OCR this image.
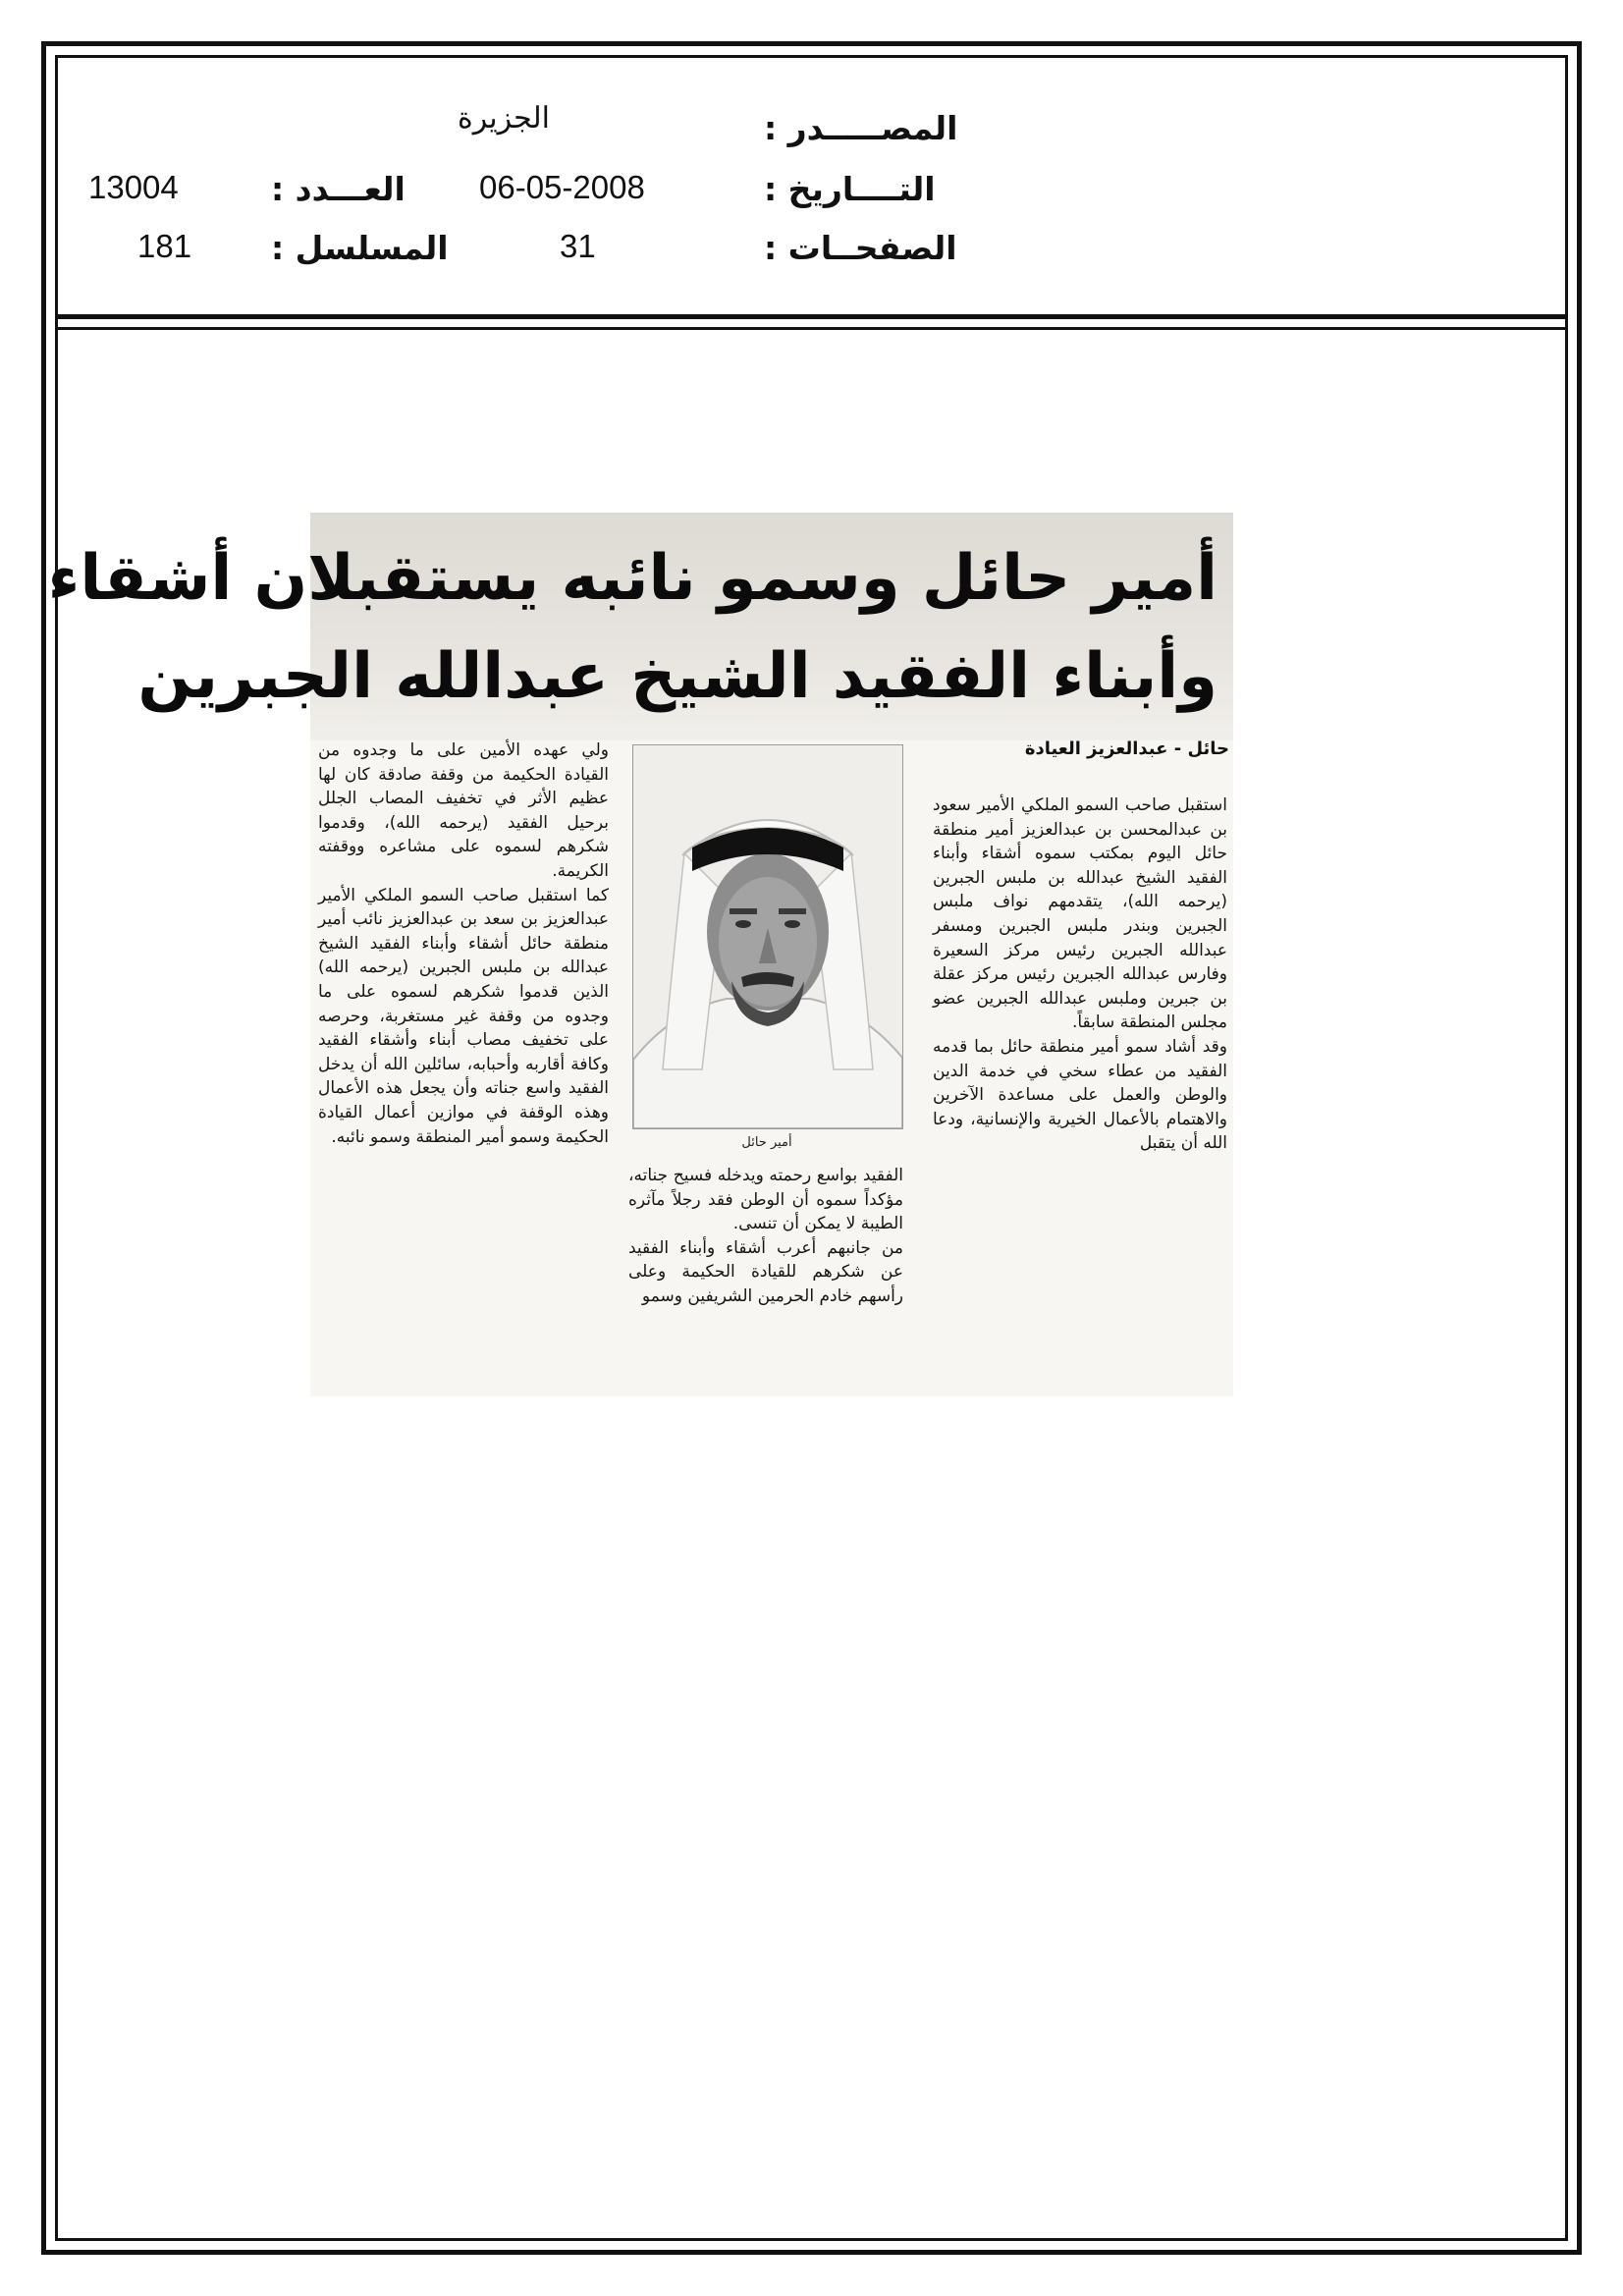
المصـــــدر :
الجزيرة
التــــاريخ :
06-05-2008
العـــدد :
13004
الصفحــات :
31
المسلسل :
181
أمير حائل وسمو نائبه يستقبلان أشقاء
وأبناء الفقيد الشيخ عبدالله الجبرين
حائل - عبدالعزيز العيادة

استقبل صاحب السمو الملكي الأمير سعود بن عبدالمحسن بن عبدالعزيز أمير منطقة حائل اليوم بمكتب سموه أشقاء وأبناء الفقيد الشيخ عبدالله بن ملبس الجبرين (يرحمه الله)، يتقدمهم نواف ملبس الجبرين وبندر ملبس الجبرين ومسفر عبدالله الجبرين رئيس مركز السعيرة وفارس عبدالله الجبرين رئيس مركز عقلة بن جبرين وملبس عبدالله الجبرين عضو مجلس المنطقة سابقاً.

وقد أشاد سمو أمير منطقة حائل بما قدمه الفقيد من عطاء سخي في خدمة الدين والوطن والعمل على مساعدة الآخرين والاهتمام بالأعمال الخيرية والإنسانية، ودعا الله أن يتقبل

أمير حائل

الفقيد بواسع رحمته ويدخله فسيح جناته، مؤكداً سموه أن الوطن فقد رجلاً مآثره الطيبة لا يمكن أن تنسى.

من جانبهم أعرب أشقاء وأبناء الفقيد عن شكرهم للقيادة الحكيمة وعلى رأسهم خادم الحرمين الشريفين وسمو

ولي عهده الأمين على ما وجدوه من القيادة الحكيمة من وقفة صادقة كان لها عظيم الأثر في تخفيف المصاب الجلل برحيل الفقيد (يرحمه الله)، وقدموا شكرهم لسموه على مشاعره ووقفته الكريمة.

كما استقبل صاحب السمو الملكي الأمير عبدالعزيز بن سعد بن عبدالعزيز نائب أمير منطقة حائل أشقاء وأبناء الفقيد الشيخ عبدالله بن ملبس الجبرين (يرحمه الله) الذين قدموا شكرهم لسموه على ما وجدوه من وقفة غير مستغربة، وحرصه على تخفيف مصاب أبناء وأشقاء الفقيد وكافة أقاربه وأحبابه، سائلين الله أن يدخل الفقيد واسع جناته وأن يجعل هذه الأعمال وهذه الوقفة في موازين أعمال القيادة الحكيمة وسمو أمير المنطقة وسمو نائبه.
